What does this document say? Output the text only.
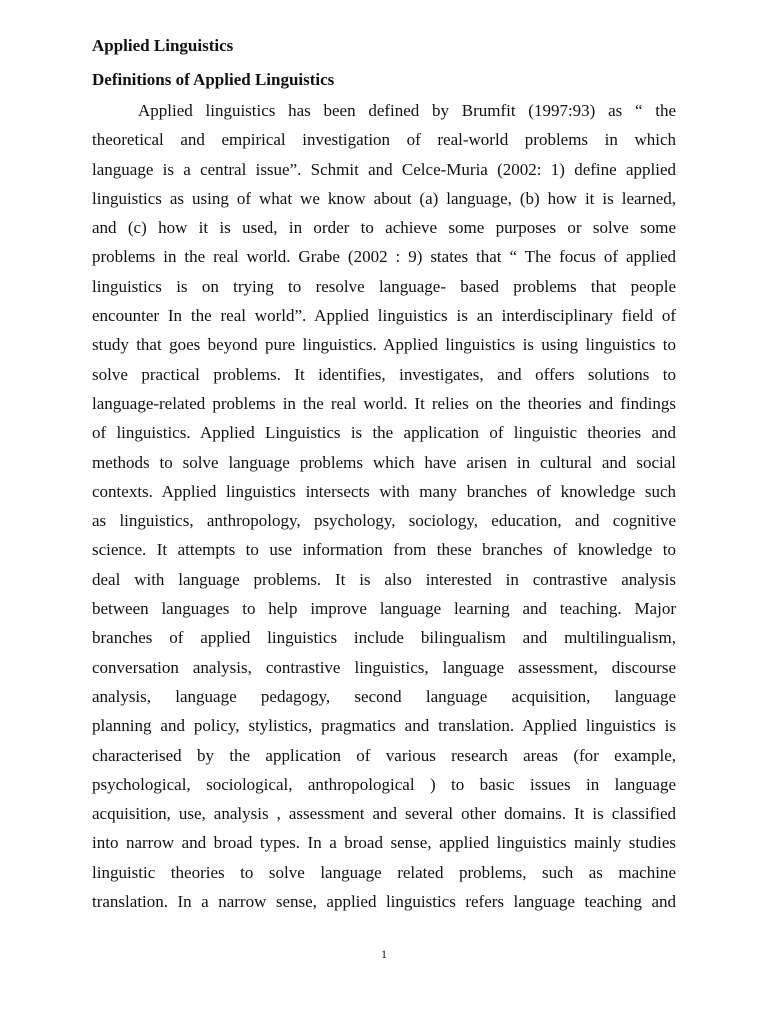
Applied Linguistics
Definitions of Applied Linguistics
Applied linguistics has been defined by Brumfit (1997:93) as “ the
theoretical and empirical investigation of real-world problems in which
language is a central issue”. Schmit and Celce-Muria (2002: 1) define applied
linguistics as using of what we know about (a) language, (b) how it is learned,
and (c) how it is used, in order to achieve some purposes or solve some
problems in the real world. Grabe (2002 : 9) states that “ The focus of applied
linguistics is on trying to resolve language- based problems that people
encounter In the real world”. Applied linguistics is an interdisciplinary field of
study that goes beyond pure linguistics. Applied linguistics is using linguistics to
solve practical problems. It identifies, investigates, and offers solutions to
language-related problems in the real world. It relies on the theories and findings
of linguistics. Applied Linguistics is the application of linguistic theories and
methods to solve language problems which have arisen in cultural and social
contexts. Applied linguistics intersects with many branches of knowledge such
as linguistics, anthropology, psychology, sociology, education, and cognitive
science. It attempts to use information from these branches of knowledge to
deal with language problems. It is also interested in contrastive analysis
between languages to help improve language learning and teaching. Major
branches of applied linguistics include bilingualism and multilingualism,
conversation analysis, contrastive linguistics, language assessment, discourse
analysis, language pedagogy, second language acquisition, language
planning and policy, stylistics, pragmatics and translation. Applied linguistics is
characterised by the application of various research areas (for example,
psychological, sociological, anthropological ) to basic issues in language
acquisition, use, analysis , assessment and several other domains. It is classified
into narrow and broad types. In a broad sense, applied linguistics mainly studies
linguistic theories to solve language related problems, such as machine
translation. In a narrow sense, applied linguistics refers language teaching and
1
